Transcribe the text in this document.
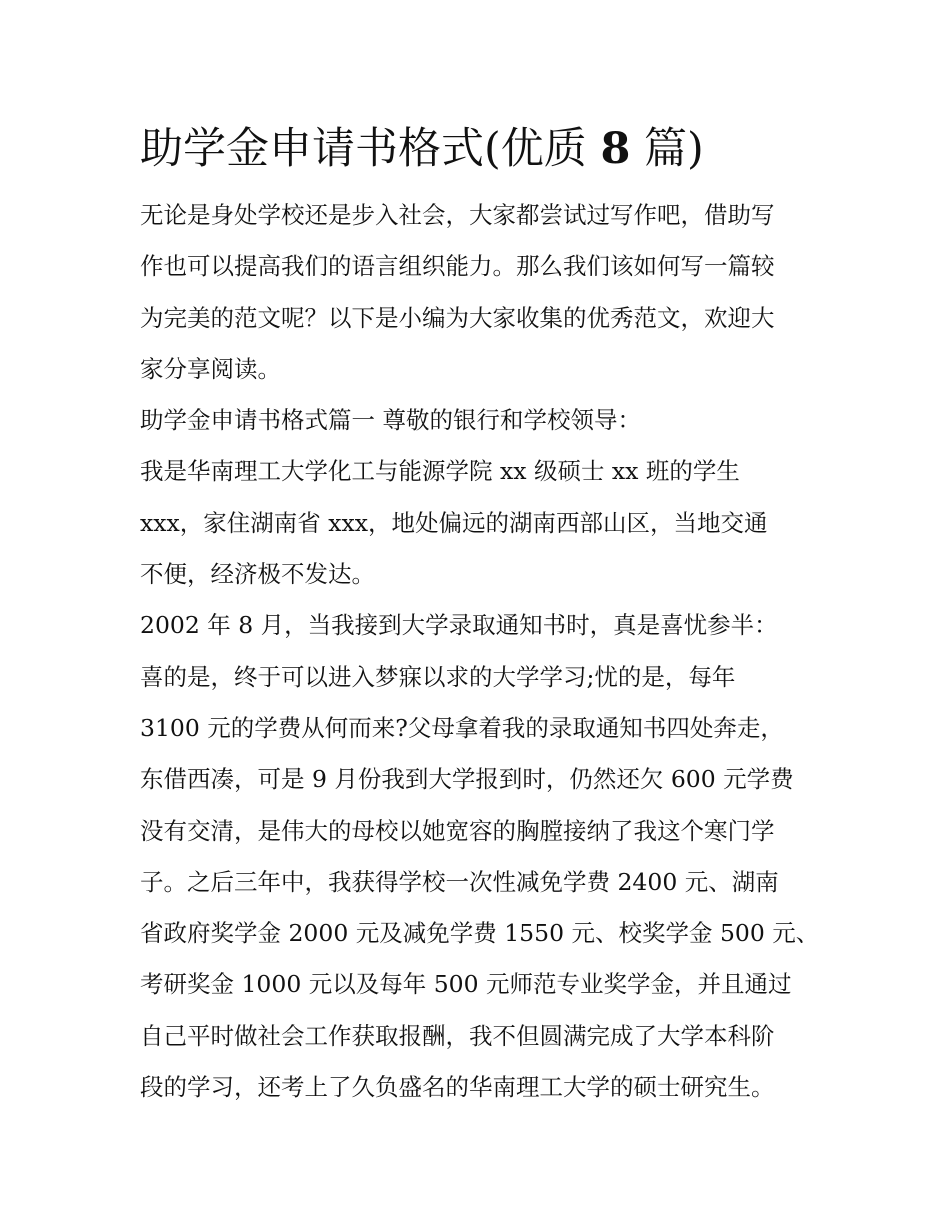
助学金申请书格式(优质 8 篇)
无论是身处学校还是步入社会，大家都尝试过写作吧，借助写
作也可以提高我们的语言组织能力。那么我们该如何写一篇较
为完美的范文呢？以下是小编为大家收集的优秀范文，欢迎大
家分享阅读。
助学金申请书格式篇一 尊敬的银行和学校领导：
我是华南理工大学化工与能源学院 xx 级硕士 xx 班的学生
xxx，家住湖南省 xxx，地处偏远的湖南西部山区，当地交通
不便，经济极不发达。
2002 年 8 月，当我接到大学录取通知书时，真是喜忧参半：
喜的是，终于可以进入梦寐以求的大学学习;忧的是，每年
3100 元的学费从何而来?父母拿着我的录取通知书四处奔走，
东借西凑，可是 9 月份我到大学报到时，仍然还欠 600 元学费
没有交清，是伟大的母校以她宽容的胸膛接纳了我这个寒门学
子。之后三年中，我获得学校一次性减免学费 2400 元、湖南
省政府奖学金 2000 元及减免学费 1550 元、校奖学金 500 元、
考研奖金 1000 元以及每年 500 元师范专业奖学金，并且通过
自己平时做社会工作获取报酬，我不但圆满完成了大学本科阶
段的学习，还考上了久负盛名的华南理工大学的硕士研究生。
